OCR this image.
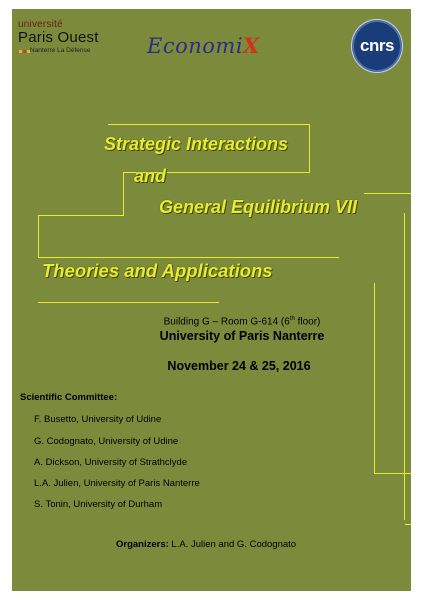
université
Paris Ouest
Nanterre La Défense	EconomiX	cnrs
Strategic Interactions
and
General Equilibrium VII
Theories and Applications
Building G – Room G-614 (6th floor)
University of Paris Nanterre
November 24 & 25, 2016
Scientific Committee:
F. Busetto, University of Udine
G. Codognato, University of Udine
A. Dickson, University of Strathclyde
L.A. Julien, University of Paris Nanterre
S. Tonin, University of Durham
Organizers: L.A. Julien and G. Codognato
